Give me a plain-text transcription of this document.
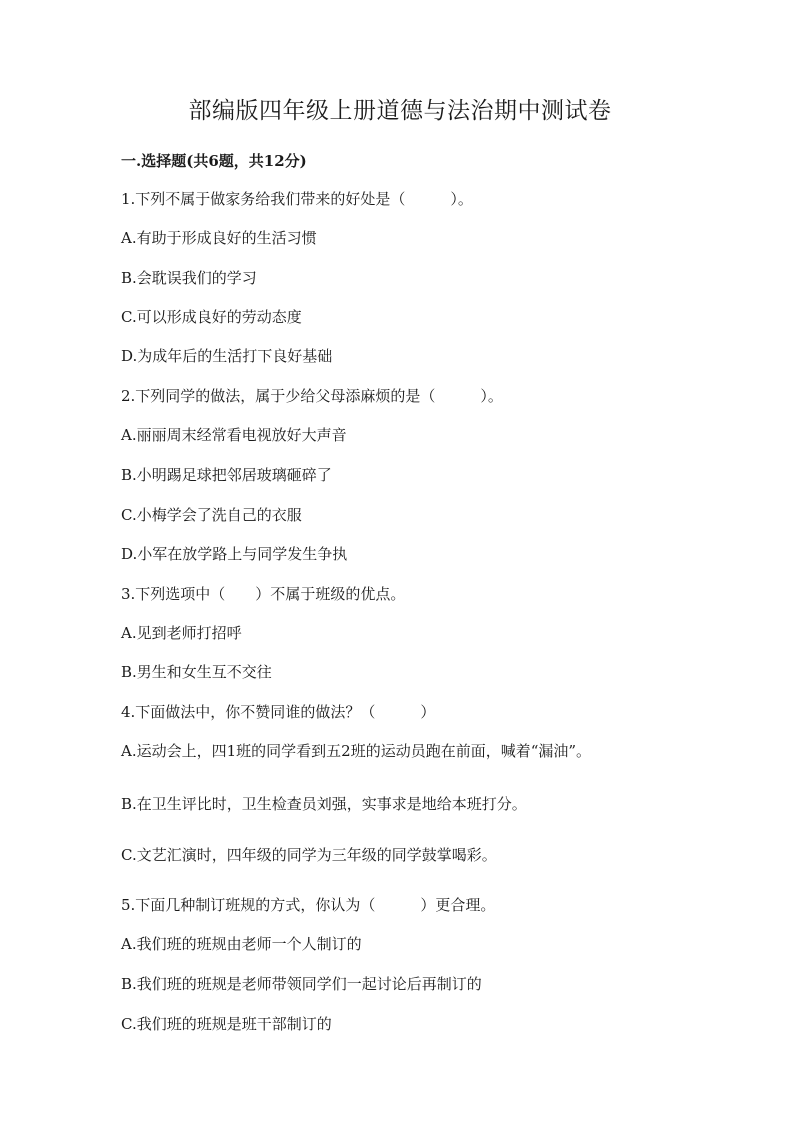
部编版四年级上册道德与法治期中测试卷

一.选择题(共6题，共12分)

1.下列不属于做家务给我们带来的好处是（　　　）。

A.有助于形成良好的生活习惯

B.会耽误我们的学习

C.可以形成良好的劳动态度

D.为成年后的生活打下良好基础

2.下列同学的做法，属于少给父母添麻烦的是（　　　）。

A.丽丽周末经常看电视放好大声音

B.小明踢足球把邻居玻璃砸碎了

C.小梅学会了洗自己的衣服

D.小军在放学路上与同学发生争执

3.下列选项中（　　）不属于班级的优点。

A.见到老师打招呼

B.男生和女生互不交往

4.下面做法中，你不赞同谁的做法？（　　　）

A.运动会上，四1班的同学看到五2班的运动员跑在前面，喊着“漏油”。

B.在卫生评比时，卫生检查员刘强，实事求是地给本班打分。

C.文艺汇演时，四年级的同学为三年级的同学鼓掌喝彩。

5.下面几种制订班规的方式，你认为（　　　）更合理。

A.我们班的班规由老师一个人制订的

B.我们班的班规是老师带领同学们一起讨论后再制订的

C.我们班的班规是班干部制订的
